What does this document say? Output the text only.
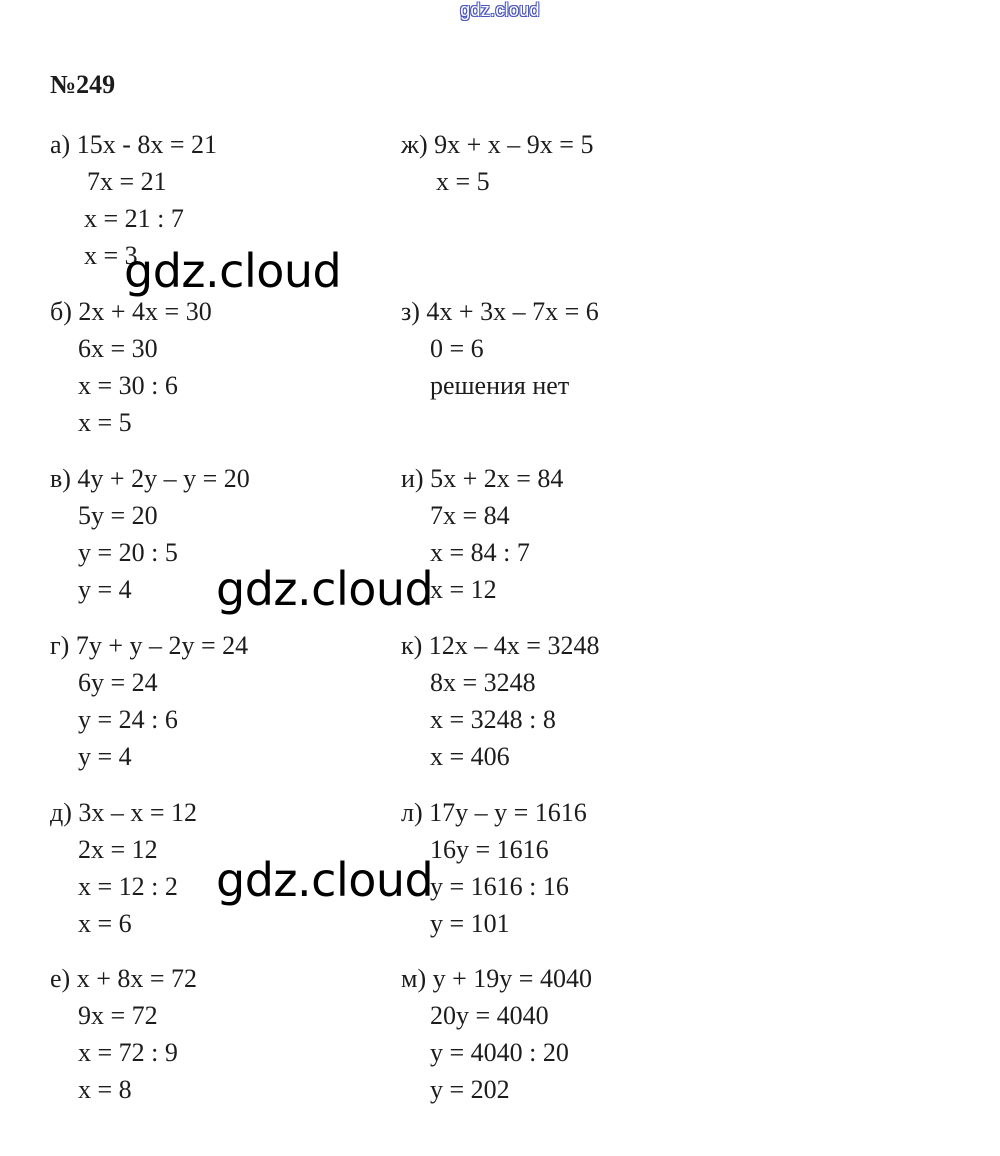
gdz.cloud
№249
а) 15х - 8х = 21
7х = 21
х = 21 : 7
х = 3
б) 2х + 4х = 30
6х = 30
х = 30 : 6
х = 5
в) 4у + 2у – у = 20
5у = 20
у = 20 : 5
у = 4
г) 7у + у – 2у = 24
6у = 24
у = 24 : 6
у = 4
д) 3х – х = 12
2х = 12
х = 12 : 2
х = 6
е) х + 8х = 72
9х = 72
х = 72 : 9
х = 8
ж) 9х + х – 9х = 5
х = 5
з) 4х + 3х – 7х = 6
0 = 6
решения нет
и) 5х + 2х = 84
7х = 84
х = 84 : 7
х = 12
к) 12х – 4х = 3248
8х = 3248
х = 3248 : 8
х = 406
л) 17у – у = 1616
16у = 1616
у = 1616 : 16
у = 101
м) у + 19у = 4040
20у = 4040
у = 4040 : 20
у = 202
gdz.cloud
gdz.cloud
gdz.cloud
